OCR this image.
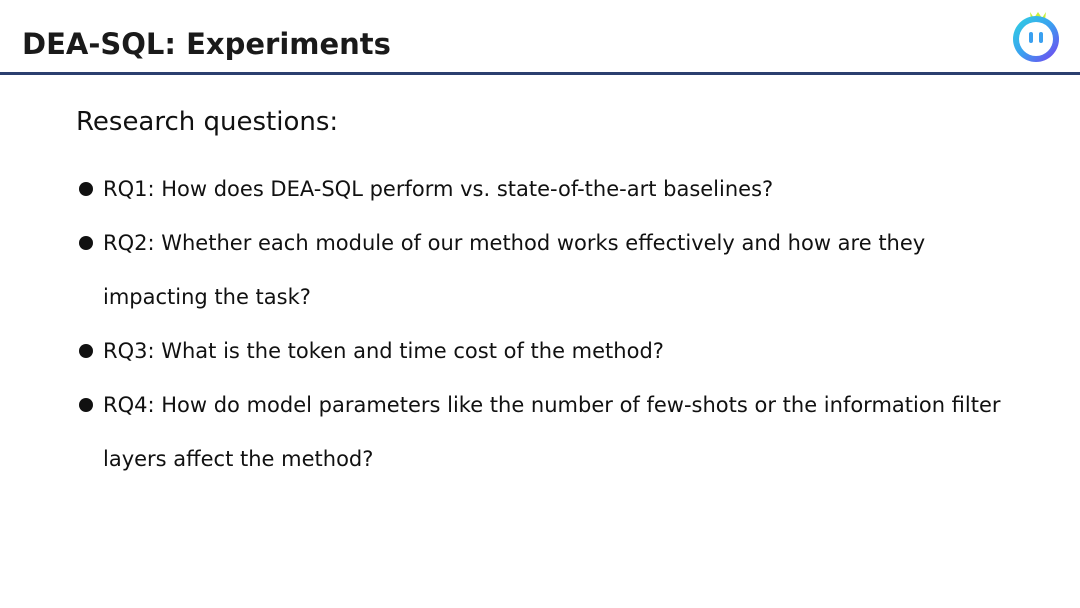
DEA-SQL: Experiments
Research questions:
RQ1: How does DEA-SQL perform vs. state-of-the-art baselines?
RQ2: Whether each module of our method works effectively and how are they impacting the task?
RQ3: What is the token and time cost of the method?
RQ4: How do model parameters like the number of few-shots or the information filter layers affect the method?
